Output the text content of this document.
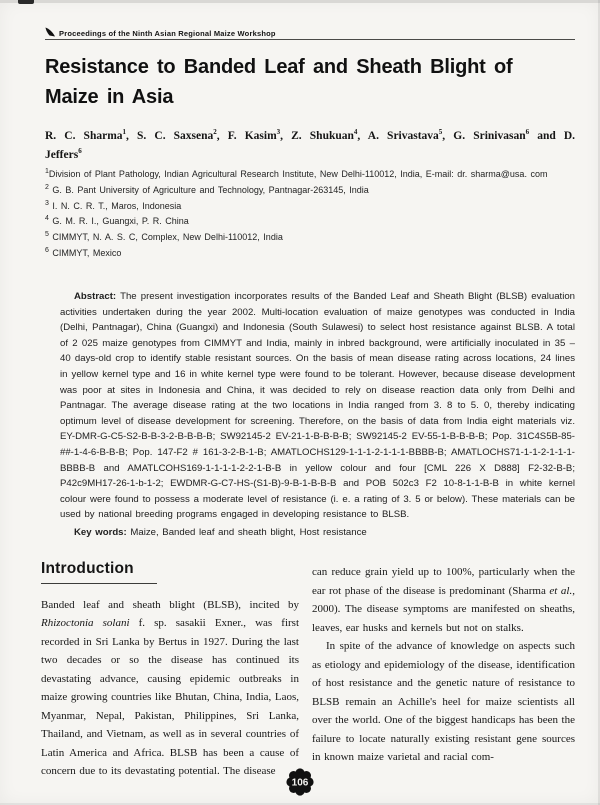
Proceedings of the Ninth Asian Regional Maize Workshop
Resistance to Banded Leaf and Sheath Blight of Maize in Asia
R. C. Sharma$^1$, S. C. Saxsena$^2$, F. Kasim$^3$, Z. Shukuan$^4$, A. Srivastava$^5$, G. Srinivasan$^6$ and D. Jeffers$^6$
$^1$Division of Plant Pathology, Indian Agricultural Research Institute, New Delhi-110012, India, E-mail: dr. sharma@usa. com
$^2$ G. B. Pant University of Agriculture and Technology, Pantnagar-263145, India
$^3$ I. N. C. R. T., Maros, Indonesia
$^4$ G. M. R. I., Guangxi, P. R. China
$^5$ CIMMYT, N. A. S. C, Complex, New Delhi-110012, India
$^6$ CIMMYT, Mexico
Abstract: The present investigation incorporates results of the Banded Leaf and Sheath Blight (BLSB) evaluation activities undertaken during the year 2002. Multi-location evaluation of maize genotypes was conducted in India (Delhi, Pantnagar), China (Guangxi) and Indonesia (South Sulawesi) to select host resistance against BLSB. A total of 2 025 maize genotypes from CIMMYT and India, mainly in inbred background, were artificially inoculated in 35 – 40 days-old crop to identify stable resistant sources. On the basis of mean disease rating across locations, 24 lines in yellow kernel type and 16 in white kernel type were found to be tolerant. However, because disease development was poor at sites in Indonesia and China, it was decided to rely on disease reaction data only from Delhi and Pantnagar. The average disease rating at the two locations in India ranged from 3. 8 to 5. 0, thereby indicating optimum level of disease development for screening. Therefore, on the basis of data from India eight materials viz. EY-DMR-G-C5-S2-B-B-3-2-B-B-B-B; SW92145-2 EV-21-1-B-B-B-B; SW92145-2 EV-55-1-B-B-B-B; Pop. 31C4S5B-85-##-1-4-6-B-B-B; Pop. 147-F2 # 161-3-2-B-1-B; AMATLOCHS129-1-1-1-2-1-1-1-BBBB-B; AMATLOCHS71-1-1-2-1-1-1-BBBB-B and AMATLCOHS169-1-1-1-1-2-2-1-B-B in yellow colour and four [CML 226 X D888] F2-32-B-B; P42c9MH17-26-1-b-1-2; EWDMR-G-C7-HS-(S1-B)-9-B-1-B-B-B and POB 502c3 F2 10-8-1-1-B-B in white kernel colour were found to possess a moderate level of resistance (i. e. a rating of 3. 5 or below). These materials can be used by national breeding programs engaged in developing resistance to BLSB.
Key words: Maize, Banded leaf and sheath blight, Host resistance
Introduction
Banded leaf and sheath blight (BLSB), incited by Rhizoctonia solani f. sp. sasakii Exner., was first recorded in Sri Lanka by Bertus in 1927. During the last two decades or so the disease has continued its devastating advance, causing epidemic outbreaks in maize growing countries like Bhutan, China, India, Laos, Myanmar, Nepal, Pakistan, Philippines, Sri Lanka, Thailand, and Vietnam, as well as in several countries of Latin America and Africa. BLSB has been a cause of concern due to its devastating potential. The disease
can reduce grain yield up to 100%, particularly when the ear rot phase of the disease is predominant (Sharma et al., 2000). The disease symptoms are manifested on sheaths, leaves, ear husks and kernels but not on stalks.
In spite of the advance of knowledge on aspects such as etiology and epidemiology of the disease, identification of host resistance and the genetic nature of resistance to BLSB remain an Achille's heel for maize scientists all over the world. One of the biggest handicaps has been the failure to locate naturally existing resistant gene sources in known maize varietal and racial com-
106
